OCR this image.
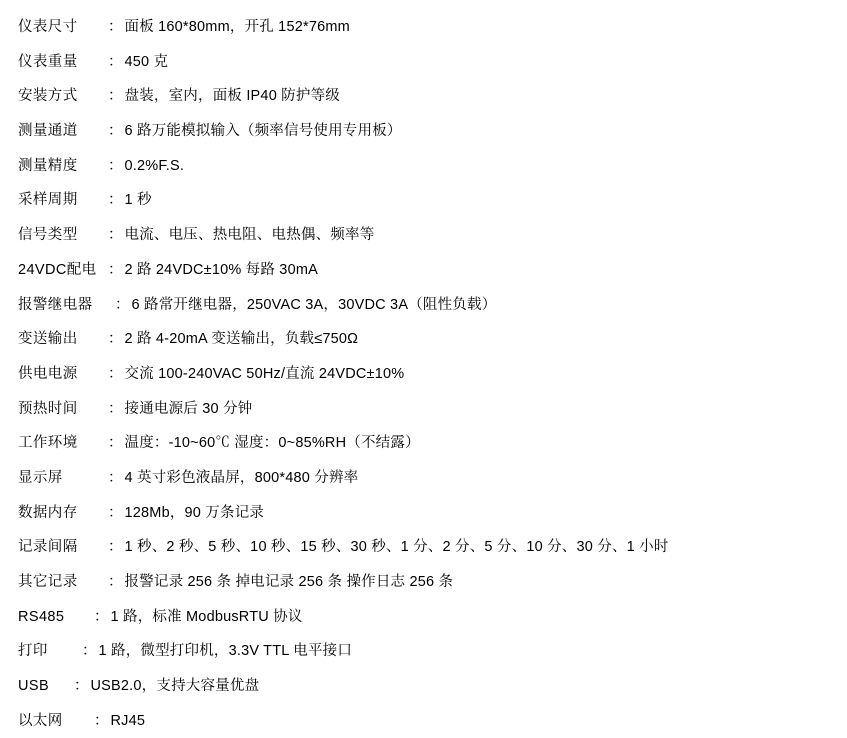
仪表尺寸	： 面板 160*80mm，开孔 152*76mm
仪表重量	： 450 克
安装方式	： 盘装，室内，面板 IP40 防护等级
测量通道	： 6 路万能模拟输入（频率信号使用专用板）
测量精度	： 0.2%F.S.
采样周期	： 1 秒
信号类型	： 电流、电压、热电阻、电热偶、频率等
24VDC配电 ： 2 路 24VDC±10% 每路 30mA
报警继电器	： 6 路常开继电器，250VAC 3A，30VDC 3A（阻性负载）
变送输出	： 2 路 4-20mA 变送输出，负载≤750Ω
供电电源	： 交流 100-240VAC 50Hz/直流 24VDC±10%
预热时间	： 接通电源后 30 分钟
工作环境	： 温度：-10~60℃ 湿度：0~85%RH（不结露）
显示屏	： 4 英寸彩色液晶屏，800*480 分辨率
数据内存	： 128Mb，90 万条记录
记录间隔	： 1 秒、2 秒、5 秒、10 秒、15 秒、30 秒、1 分、2 分、5 分、10 分、30 分、1 小时
其它记录	： 报警记录 256 条 掉电记录 256 条 操作日志 256 条
RS485	： 1 路，标准 ModbusRTU 协议
打印	： 1 路，微型打印机，3.3V TTL 电平接口
USB	： USB2.0，支持大容量优盘
以太网	： RJ45
